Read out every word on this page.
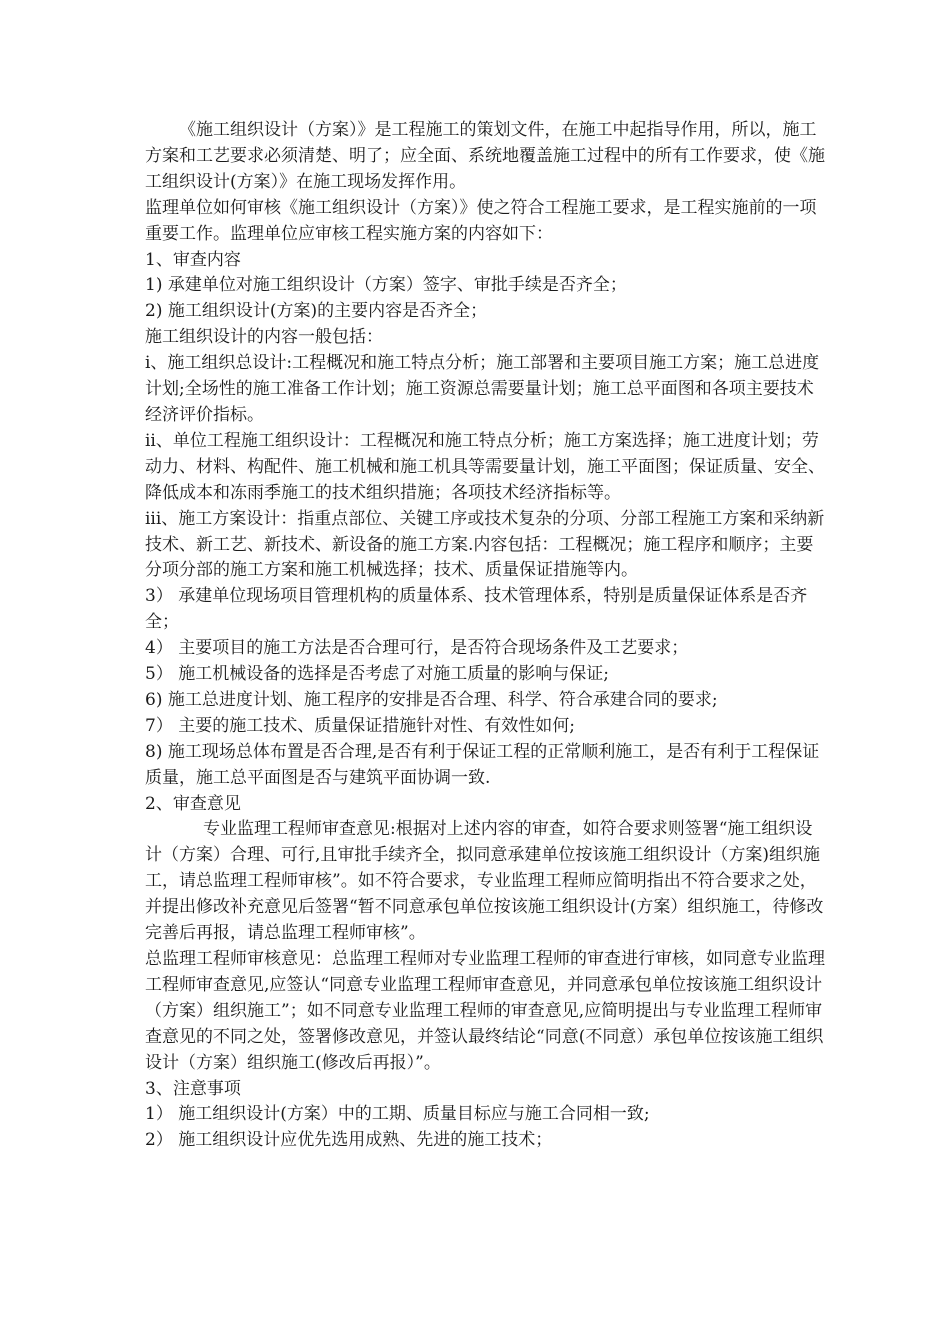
《施工组织设计（方案）》是工程施工的策划文件，在施工中起指导作用，所以，施工方案和工艺要求必须清楚、明了；应全面、系统地覆盖施工过程中的所有工作要求，使《施工组织设计(方案）》在施工现场发挥作用。

监理单位如何审核《施工组织设计（方案）》使之符合工程施工要求，是工程实施前的一项重要工作。监理单位应审核工程实施方案的内容如下：

1、审查内容

1) 承建单位对施工组织设计（方案）签字、审批手续是否齐全；

2) 施工组织设计(方案)的主要内容是否齐全；

施工组织设计的内容一般包括：

i、施工组织总设计:工程概况和施工特点分析；施工部署和主要项目施工方案；施工总进度计划;全场性的施工准备工作计划；施工资源总需要量计划；施工总平面图和各项主要技术经济评价指标。

ii、单位工程施工组织设计：工程概况和施工特点分析；施工方案选择；施工进度计划；劳动力、材料、构配件、施工机械和施工机具等需要量计划，施工平面图；保证质量、安全、降低成本和冻雨季施工的技术组织措施；各项技术经济指标等。

iii、施工方案设计：指重点部位、关键工序或技术复杂的分项、分部工程施工方案和采纳新技术、新工艺、新技术、新设备的施工方案.内容包括：工程概况；施工程序和顺序；主要分项分部的施工方案和施工机械选择；技术、质量保证措施等内。

3） 承建单位现场项目管理机构的质量体系、技术管理体系，特别是质量保证体系是否齐全；

4） 主要项目的施工方法是否合理可行，是否符合现场条件及工艺要求；

5） 施工机械设备的选择是否考虑了对施工质量的影响与保证;

6) 施工总进度计划、施工程序的安排是否合理、科学、符合承建合同的要求;

7） 主要的施工技术、质量保证措施针对性、有效性如何;

8) 施工现场总体布置是否合理,是否有利于保证工程的正常顺利施工，是否有利于工程保证质量，施工总平面图是否与建筑平面协调一致.

2、审查意见

专业监理工程师审查意见:根据对上述内容的审查，如符合要求则签署“施工组织设计（方案）合理、可行,且审批手续齐全，拟同意承建单位按该施工组织设计（方案)组织施工，请总监理工程师审核”。如不符合要求，专业监理工程师应简明指出不符合要求之处，并提出修改补充意见后签署“暂不同意承包单位按该施工组织设计(方案）组织施工，待修改完善后再报，请总监理工程师审核”。

总监理工程师审核意见：总监理工程师对专业监理工程师的审查进行审核，如同意专业监理工程师审查意见,应签认“同意专业监理工程师审查意见，并同意承包单位按该施工组织设计（方案）组织施工”；如不同意专业监理工程师的审查意见,应简明提出与专业监理工程师审查意见的不同之处，签署修改意见，并签认最终结论“同意(不同意）承包单位按该施工组织设计（方案）组织施工(修改后再报）”。

3、注意事项

1） 施工组织设计(方案）中的工期、质量目标应与施工合同相一致;

2） 施工组织设计应优先选用成熟、先进的施工技术；
